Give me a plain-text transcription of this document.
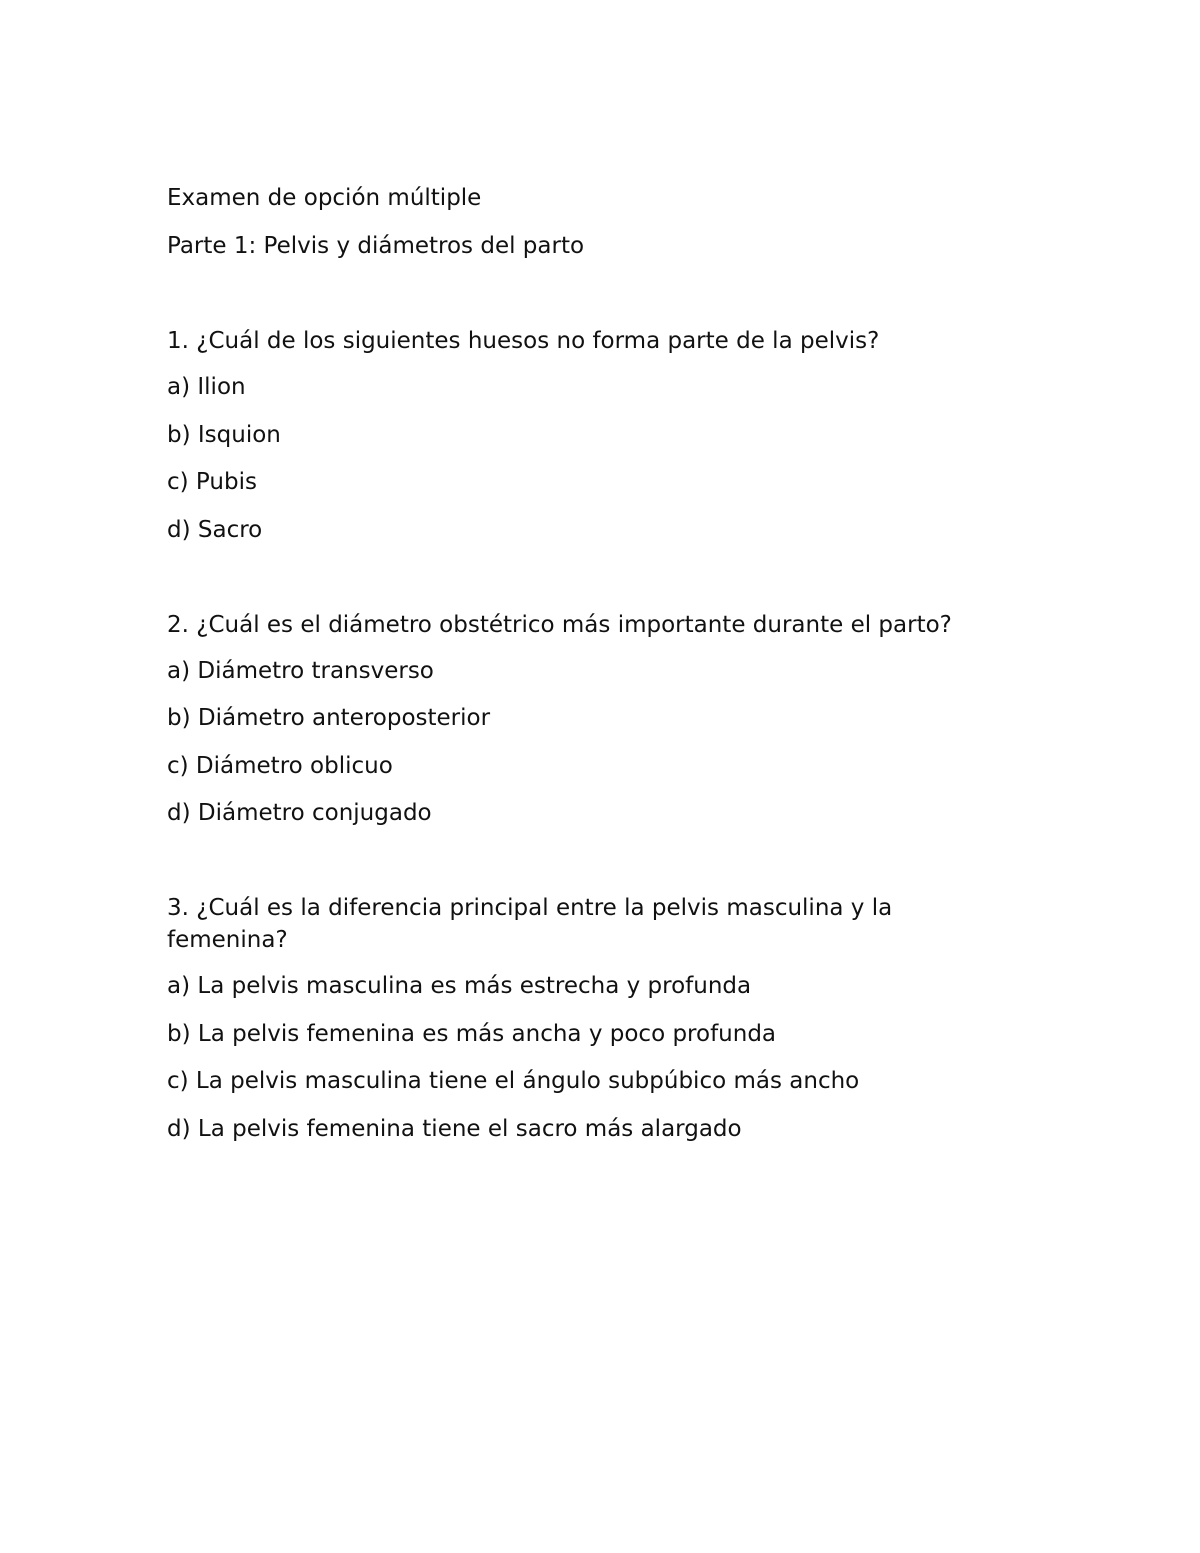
Examen de opción múltiple

Parte 1: Pelvis y diámetros del parto

1. ¿Cuál de los siguientes huesos no forma parte de la pelvis?

a) Ilion

b) Isquion

c) Pubis

d) Sacro

2. ¿Cuál es el diámetro obstétrico más importante durante el parto?

a) Diámetro transverso

b) Diámetro anteroposterior

c) Diámetro oblicuo

d) Diámetro conjugado

3. ¿Cuál es la diferencia principal entre la pelvis masculina y la femenina?

a) La pelvis masculina es más estrecha y profunda

b) La pelvis femenina es más ancha y poco profunda

c) La pelvis masculina tiene el ángulo subpúbico más ancho

d) La pelvis femenina tiene el sacro más alargado
